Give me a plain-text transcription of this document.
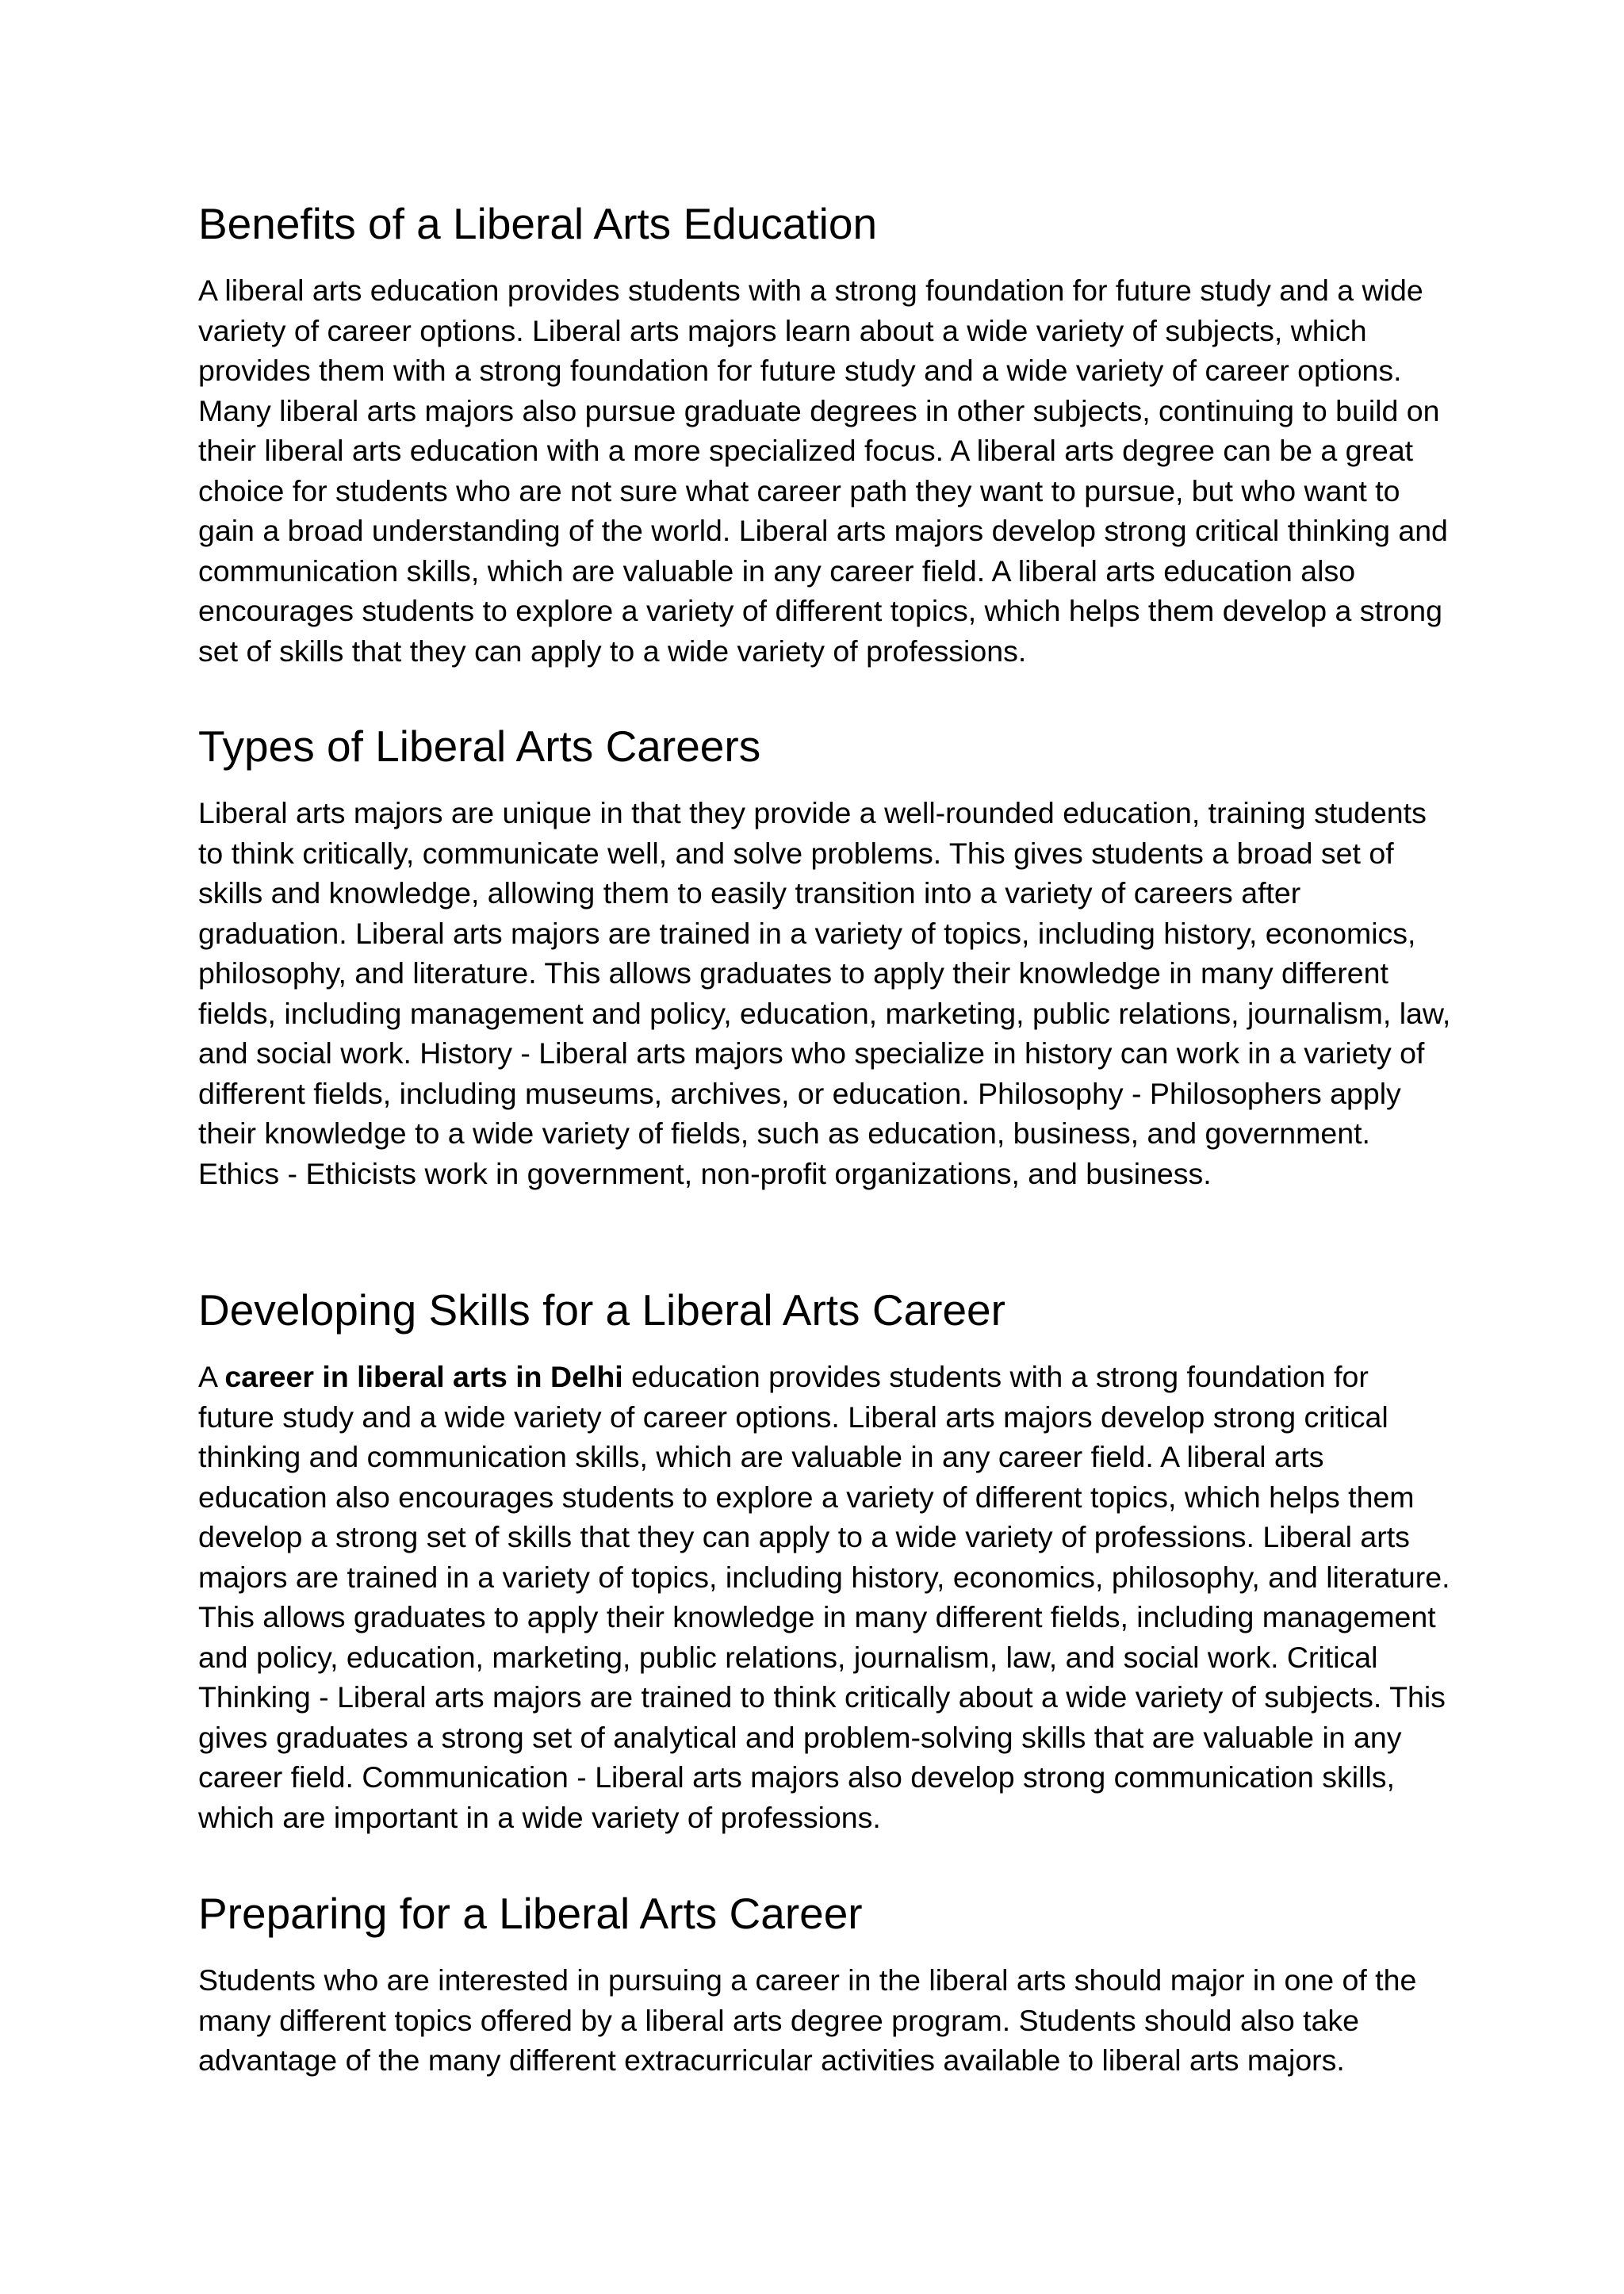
Benefits of a Liberal Arts Education

A liberal arts education provides students with a strong foundation for future study and a wide variety of career options. Liberal arts majors learn about a wide variety of subjects, which provides them with a strong foundation for future study and a wide variety of career options. Many liberal arts majors also pursue graduate degrees in other subjects, continuing to build on their liberal arts education with a more specialized focus. A liberal arts degree can be a great choice for students who are not sure what career path they want to pursue, but who want to gain a broad understanding of the world. Liberal arts majors develop strong critical thinking and communication skills, which are valuable in any career field. A liberal arts education also encourages students to explore a variety of different topics, which helps them develop a strong set of skills that they can apply to a wide variety of professions.

Types of Liberal Arts Careers

Liberal arts majors are unique in that they provide a well-rounded education, training students to think critically, communicate well, and solve problems. This gives students a broad set of skills and knowledge, allowing them to easily transition into a variety of careers after graduation. Liberal arts majors are trained in a variety of topics, including history, economics, philosophy, and literature. This allows graduates to apply their knowledge in many different fields, including management and policy, education, marketing, public relations, journalism, law, and social work. History - Liberal arts majors who specialize in history can work in a variety of different fields, including museums, archives, or education. Philosophy - Philosophers apply their knowledge to a wide variety of fields, such as education, business, and government. Ethics - Ethicists work in government, non-profit organizations, and business.

Developing Skills for a Liberal Arts Career

A career in liberal arts in Delhi education provides students with a strong foundation for future study and a wide variety of career options. Liberal arts majors develop strong critical thinking and communication skills, which are valuable in any career field. A liberal arts education also encourages students to explore a variety of different topics, which helps them develop a strong set of skills that they can apply to a wide variety of professions. Liberal arts majors are trained in a variety of topics, including history, economics, philosophy, and literature. This allows graduates to apply their knowledge in many different fields, including management and policy, education, marketing, public relations, journalism, law, and social work. Critical Thinking - Liberal arts majors are trained to think critically about a wide variety of subjects. This gives graduates a strong set of analytical and problem-solving skills that are valuable in any career field. Communication - Liberal arts majors also develop strong communication skills, which are important in a wide variety of professions.

Preparing for a Liberal Arts Career

Students who are interested in pursuing a career in the liberal arts should major in one of the many different topics offered by a liberal arts degree program. Students should also take advantage of the many different extracurricular activities available to liberal arts majors.
